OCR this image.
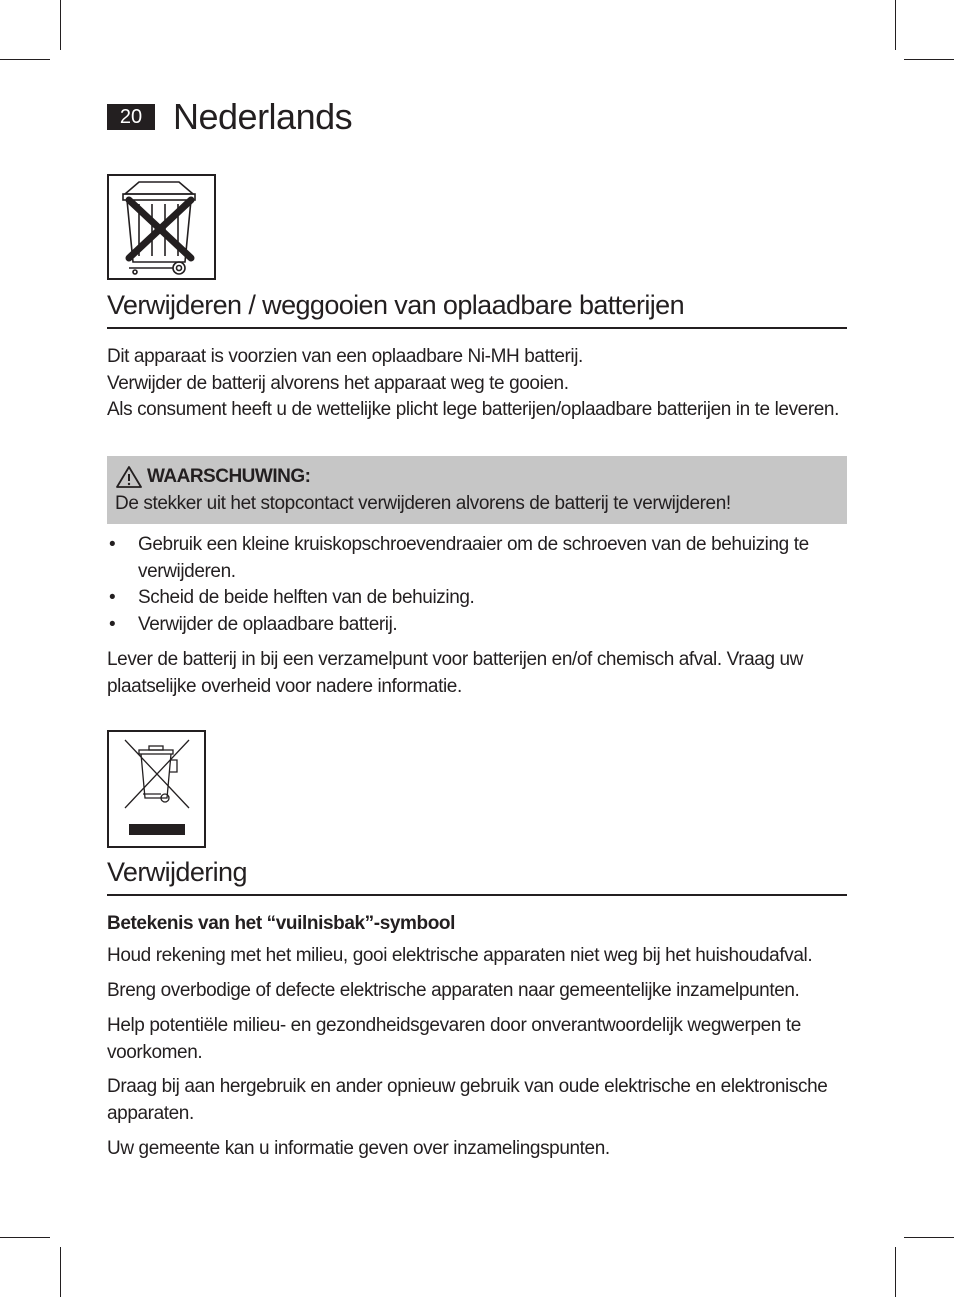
20 Nederlands
Verwijderen / weggooien van oplaadbare batterijen

Dit apparaat is voorzien van een oplaadbare Ni-MH batterij.
Verwijder de batterij alvorens het apparaat weg te gooien.
Als consument heeft u de wettelijke plicht lege batterijen/oplaadbare batterijen in te leveren.

WAARSCHUWING:
De stekker uit het stopcontact verwijderen alvorens de batterij te verwijderen!
• Gebruik een kleine kruiskopschroevendraaier om de schroeven van de behuizing te verwijderen.
• Scheid de beide helften van de behuizing.
• Verwijder de oplaadbare batterij.

Lever de batterij in bij een verzamelpunt voor batterijen en/of chemisch afval. Vraag uw plaatselijke overheid voor nadere informatie.

Verwijdering
Betekenis van het “vuilnisbak”-symbool

Houd rekening met het milieu, gooi elektrische apparaten niet weg bij het huishoudafval.

Breng overbodige of defecte elektrische apparaten naar gemeentelijke inzamelpunten.

Help potentiële milieu- en gezondheidsgevaren door onverantwoordelijk wegwerpen te voorkomen.

Draag bij aan hergebruik en ander opnieuw gebruik van oude elektrische en elektronische apparaten.

Uw gemeente kan u informatie geven over inzamelingspunten.
